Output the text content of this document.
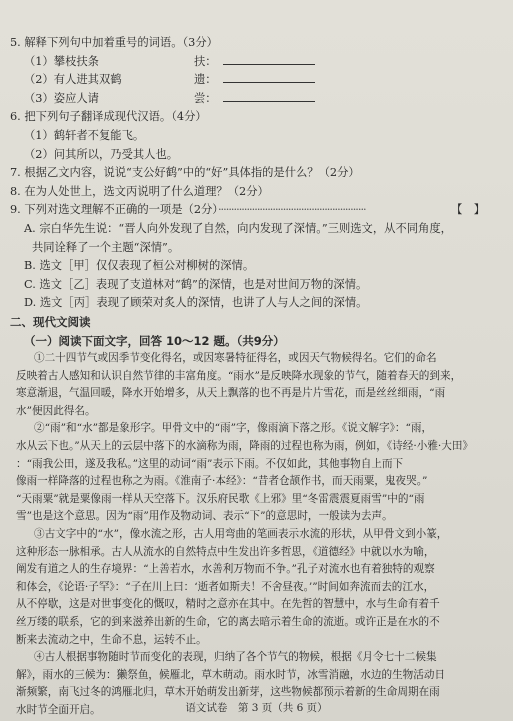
5. 解释下列句中加着重号的词语。（3分）
（1）攀枝扶条	扶：
（2）有人进其双鹤	遗：
（3）姿应人请	尝：
6. 把下列句子翻译成现代汉语。（4分）
（1）鹤轩者不复能飞。
（2）问其所以，乃受其人也。
7. 根据乙文内容，说说“支公好鹤”中的“好”具体指的是什么？（2分）
8. 在为人处世上，选文丙说明了什么道理？（2分）
9. 下列对选文理解不正确的一项是（2分）·························································	【　】
A. 宗白华先生说：“晋人向外发现了自然，向内发现了深情。”三则选文，从不同角度，
共同诠释了一个主题“深情”。
B. 选文［甲］仅仅表现了桓公对柳树的深情。
C. 选文［乙］表现了支道林对“鹤”的深情，也是对世间万物的深情。
D. 选文［丙］表现了顾荣对炙人的深情，也讲了人与人之间的深情。
二、现代文阅读
（一）阅读下面文字，回答 10～12 题。（共9分）

①二十四节气或因季节变化得名，或因寒暑特征得名，或因天气物候得名。它们的命名
反映着古人感知和认识自然节律的丰富角度。“雨水”是反映降水现象的节气，随着春天的到来，
寒意渐退，气温回暖，降水开始增多，从天上飘落的也不再是片片雪花，而是丝丝细雨，“雨
水”便因此得名。

②“雨”和“水”都是象形字。甲骨文中的“雨”字，像雨滴下落之形。《说文解字》：“雨，
水从云下也。”从天上的云层中落下的水滴称为雨，降雨的过程也称为雨，例如，《诗经·小雅·大田》
：“雨我公田，遂及我私。”这里的动词“雨”表示下雨。不仅如此，其他事物自上而下
像雨一样降落的过程也称之为雨。《淮南子·本经》：“昔者仓颉作书，而天雨粟，鬼夜哭。”
“天雨粟”就是粟像雨一样从天空落下。汉乐府民歌《上邪》里“冬雷震震夏雨雪”中的“雨
雪”也是这个意思。因为“雨”用作及物动词、表示“下”的意思时，一般读为去声。

③古文字中的“水”，像水流之形，古人用弯曲的笔画表示水流的形状，从甲骨文到小篆，
这种形态一脉相承。古人从流水的自然特点中生发出许多哲思，《道德经》中就以水为喻，
阐发有道之人的生存境界：“上善若水，水善利万物而不争。”孔子对流水也有着独特的观察
和体会，《论语·子罕》：“子在川上曰：‘逝者如斯夫！不舍昼夜。’”时间如奔流而去的江水，
从不停歇，这是对世事变化的慨叹，精时之意亦在其中。在先哲的智慧中，水与生命有着千
丝万缕的联系，它的到来滋养出新的生命，它的离去暗示着生命的流逝。或许正是在水的不
断来去流动之中，生命不息，运转不止。

④古人根据事物随时节而变化的表现，归纳了各个节气的物候，根据《月令七十二候集
解》，雨水的三候为：獭祭鱼，候雁北，草木萌动。雨水时节，冰雪消融，水边的生物活动日
渐频繁，南飞过冬的鸿雁北归，草木开始萌发出新芽，这些物候都预示着新的生命周期在雨
水时节全面开启。	语文试卷　第 3 页（共 6 页）
